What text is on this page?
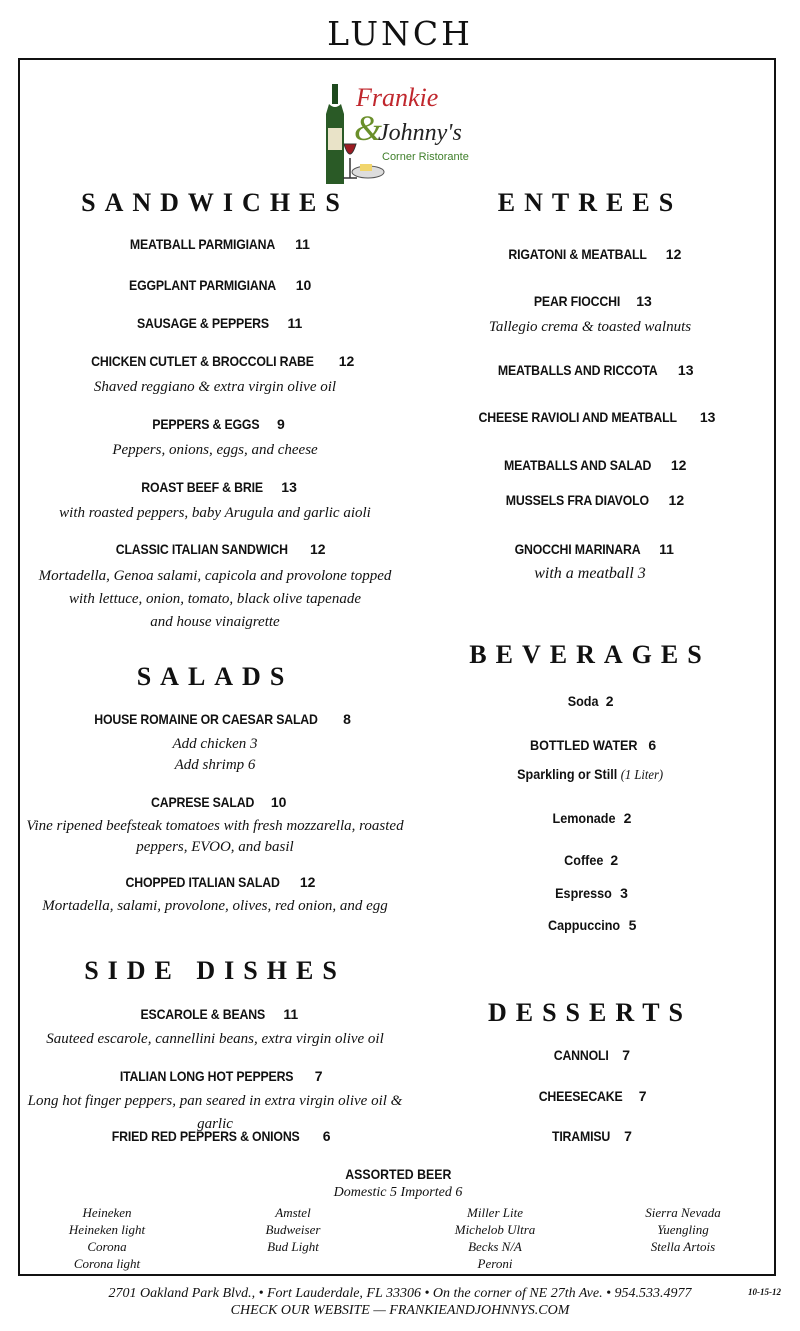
LUNCH
Frankie
&
Johnny's
Corner Ristorante
SANDWICHES
MEATBALL PARMIGIANA 11
EGGPLANT PARMIGIANA 10
SAUSAGE & PEPPERS 11
CHICKEN CUTLET & BROCCOLI RABE 12
Shaved reggiano & extra virgin olive oil
PEPPERS & EGGS 9
Peppers, onions, eggs, and cheese
ROAST BEEF & BRIE 13
with roasted peppers, baby Arugula and garlic aioli
CLASSIC ITALIAN SANDWICH 12
Mortadella, Genoa salami, capicola and provolone topped
with lettuce, onion, tomato, black olive tapenade
and house vinaigrette
SALADS
HOUSE ROMAINE OR CAESAR SALAD 8
Add chicken 3
Add shrimp 6
CAPRESE SALAD 10
Vine ripened beefsteak tomatoes with fresh mozzarella, roasted
peppers, EVOO, and basil
CHOPPED ITALIAN SALAD 12
Mortadella, salami, provolone, olives, red onion, and egg
SIDE DISHES
ESCAROLE & BEANS 11
Sauteed escarole, cannellini beans, extra virgin olive oil
ITALIAN LONG HOT PEPPERS 7
Long hot finger peppers, pan seared in extra virgin olive oil & garlic
FRIED RED PEPPERS & ONIONS 6
ENTREES
RIGATONI & MEATBALL 12
PEAR FIOCCHI 13
Tallegio crema & toasted walnuts
MEATBALLS AND RICCOTA 13
CHEESE RAVIOLI AND MEATBALL 13
MEATBALLS AND SALAD 12
MUSSELS FRA DIAVOLO 12
GNOCCHI MARINARA 11
with a meatball 3
BEVERAGES
Soda 2
BOTTLED WATER 6
Sparkling or Still (1 Liter)
Lemonade 2
Coffee 2
Espresso 3
Cappuccino 5
DESSERTS
CANNOLI 7
CHEESECAKE 7
TIRAMISU 7
ASSORTED BEER
Domestic 5 Imported 6
Heineken
Heineken light
Corona
Corona light
Amstel
Budweiser
Bud Light
Miller Lite
Michelob Ultra
Becks N/A
Peroni
Sierra Nevada
Yuengling
Stella Artois
2701 Oakland Park Blvd., • Fort Lauderdale, FL 33306 • On the corner of NE 27th Ave. • 954.533.4977
CHECK OUR WEBSITE — FRANKIEANDJOHNNYS.COM
10-15-12
